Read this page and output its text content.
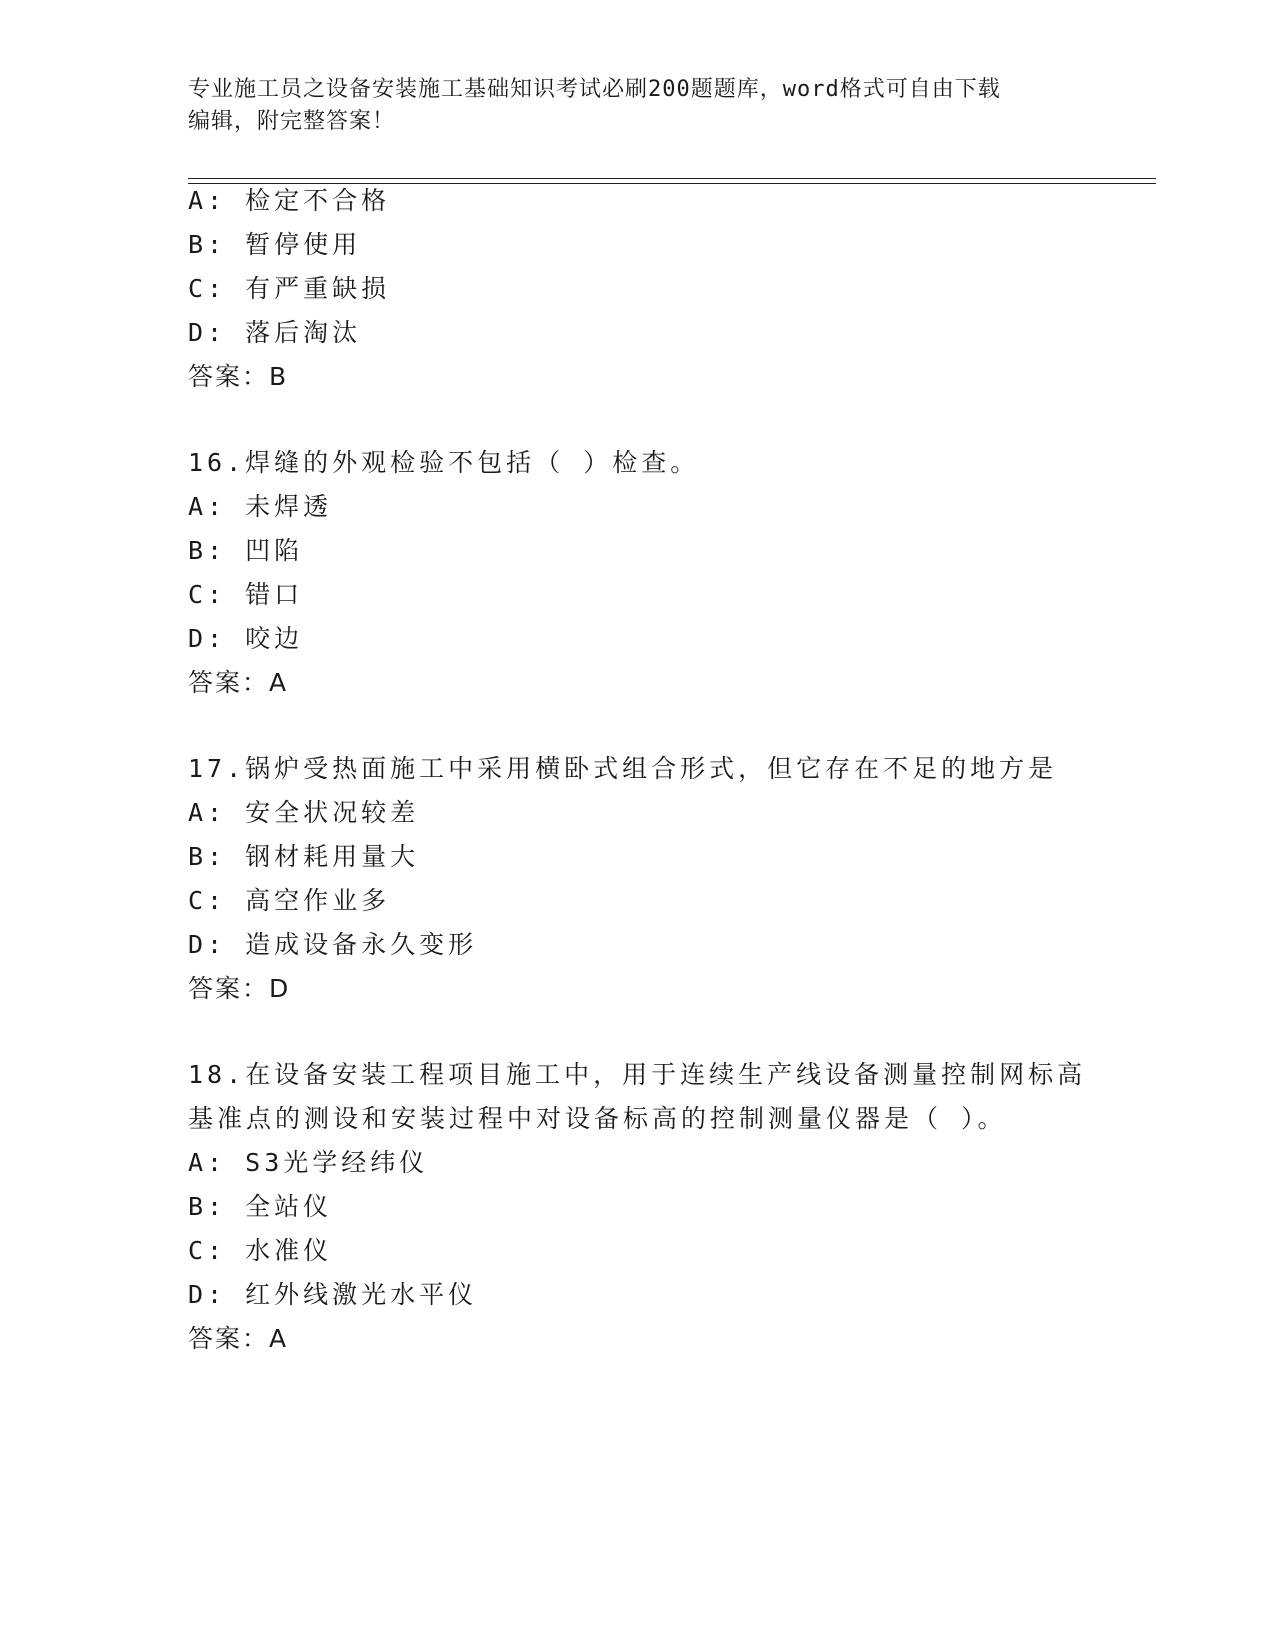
专业施工员之设备安装施工基础知识考试必刷200题题库，word格式可自由下载
编辑，附完整答案！
A: 检定不合格
B: 暂停使用
C: 有严重缺损
D: 落后淘汰
答案：B
16.焊缝的外观检验不包括（ ）检查。
A: 未焊透
B: 凹陷
C: 错口
D: 咬边
答案：A
17.锅炉受热面施工中采用横卧式组合形式，但它存在不足的地方是
A: 安全状况较差
B: 钢材耗用量大
C: 高空作业多
D: 造成设备永久变形
答案：D
18.在设备安装工程项目施工中，用于连续生产线设备测量控制网标高
基准点的测设和安装过程中对设备标高的控制测量仪器是（ ）。
A: S3光学经纬仪
B: 全站仪
C: 水准仪
D: 红外线激光水平仪
答案：A
